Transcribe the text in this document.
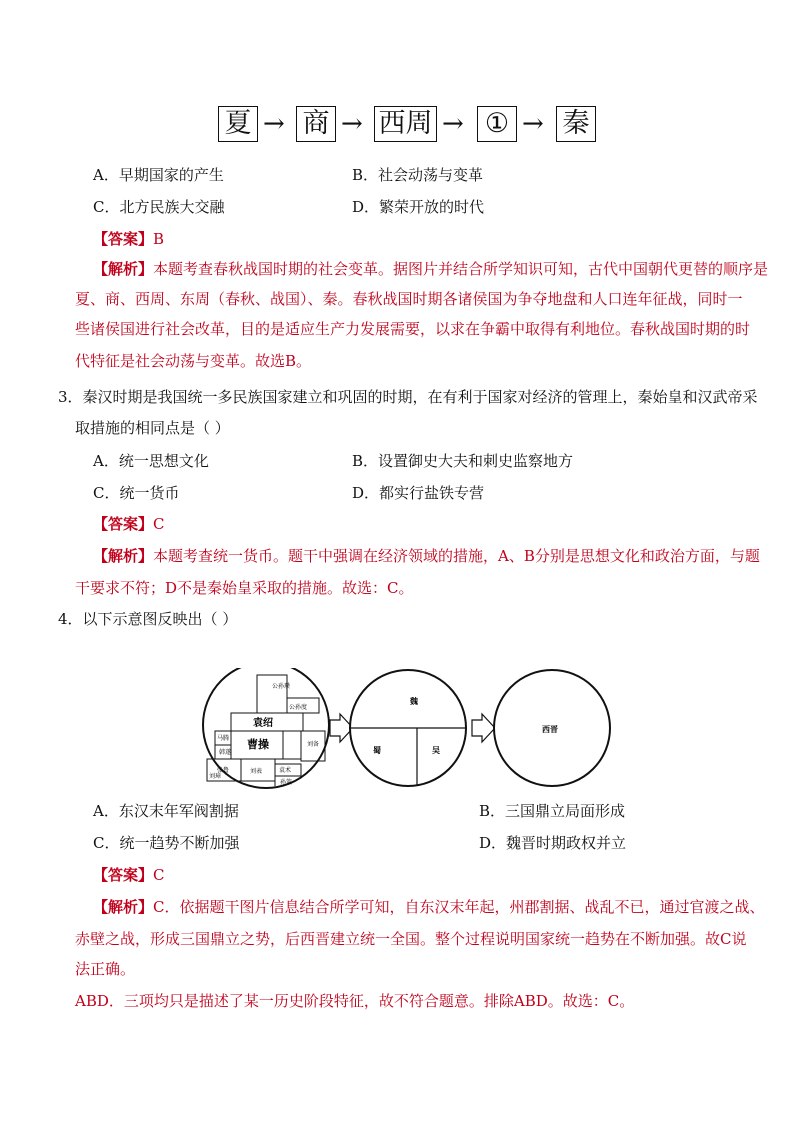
夏 → 商 → 西周 → ① → 秦
A．早期国家的产生	B．社会动荡与变革
C．北方民族大交融	D．繁荣开放的时代
【答案】B
【解析】本题考查春秋战国时期的社会变革。据图片并结合所学知识可知，古代中国朝代更替的顺序是
夏、商、西周、东周（春秋、战国）、秦。春秋战国时期各诸侯国为争夺地盘和人口连年征战，同时一
些诸侯国进行社会改革，目的是适应生产力发展需要，以求在争霸中取得有利地位。春秋战国时期的时
代特征是社会动荡与变革。故选B。
3．秦汉时期是我国统一多民族国家建立和巩固的时期，在有利于国家对经济的管理上，秦始皇和汉武帝采
取措施的相同点是（ ）
A．统一思想文化	B．设置御史大夫和刺史监察地方
C．统一货币	D．都实行盐铁专营
【答案】C
【解析】本题考查统一货币。题干中强调在经济领域的措施，A、B分别是思想文化和政治方面，与题
干要求不符；D不是秦始皇采取的措施。故选：C。
4．以下示意图反映出（ ）
公孙瓒
公孙度
袁绍
马腾
韩遂
曹操
张鲁
刘璋
刘表	袁术
孙策
刘备
魏
蜀	吴
西晋
A．东汉末年军阀割据	B．三国鼎立局面形成
C．统一趋势不断加强	D．魏晋时期政权并立
【答案】C
【解析】C．依据题干图片信息结合所学可知，自东汉末年起，州郡割据、战乱不已，通过官渡之战、
赤壁之战，形成三国鼎立之势，后西晋建立统一全国。整个过程说明国家统一趋势在不断加强。故C说
法正确。
ABD．三项均只是描述了某一历史阶段特征，故不符合题意。排除ABD。故选：C。
